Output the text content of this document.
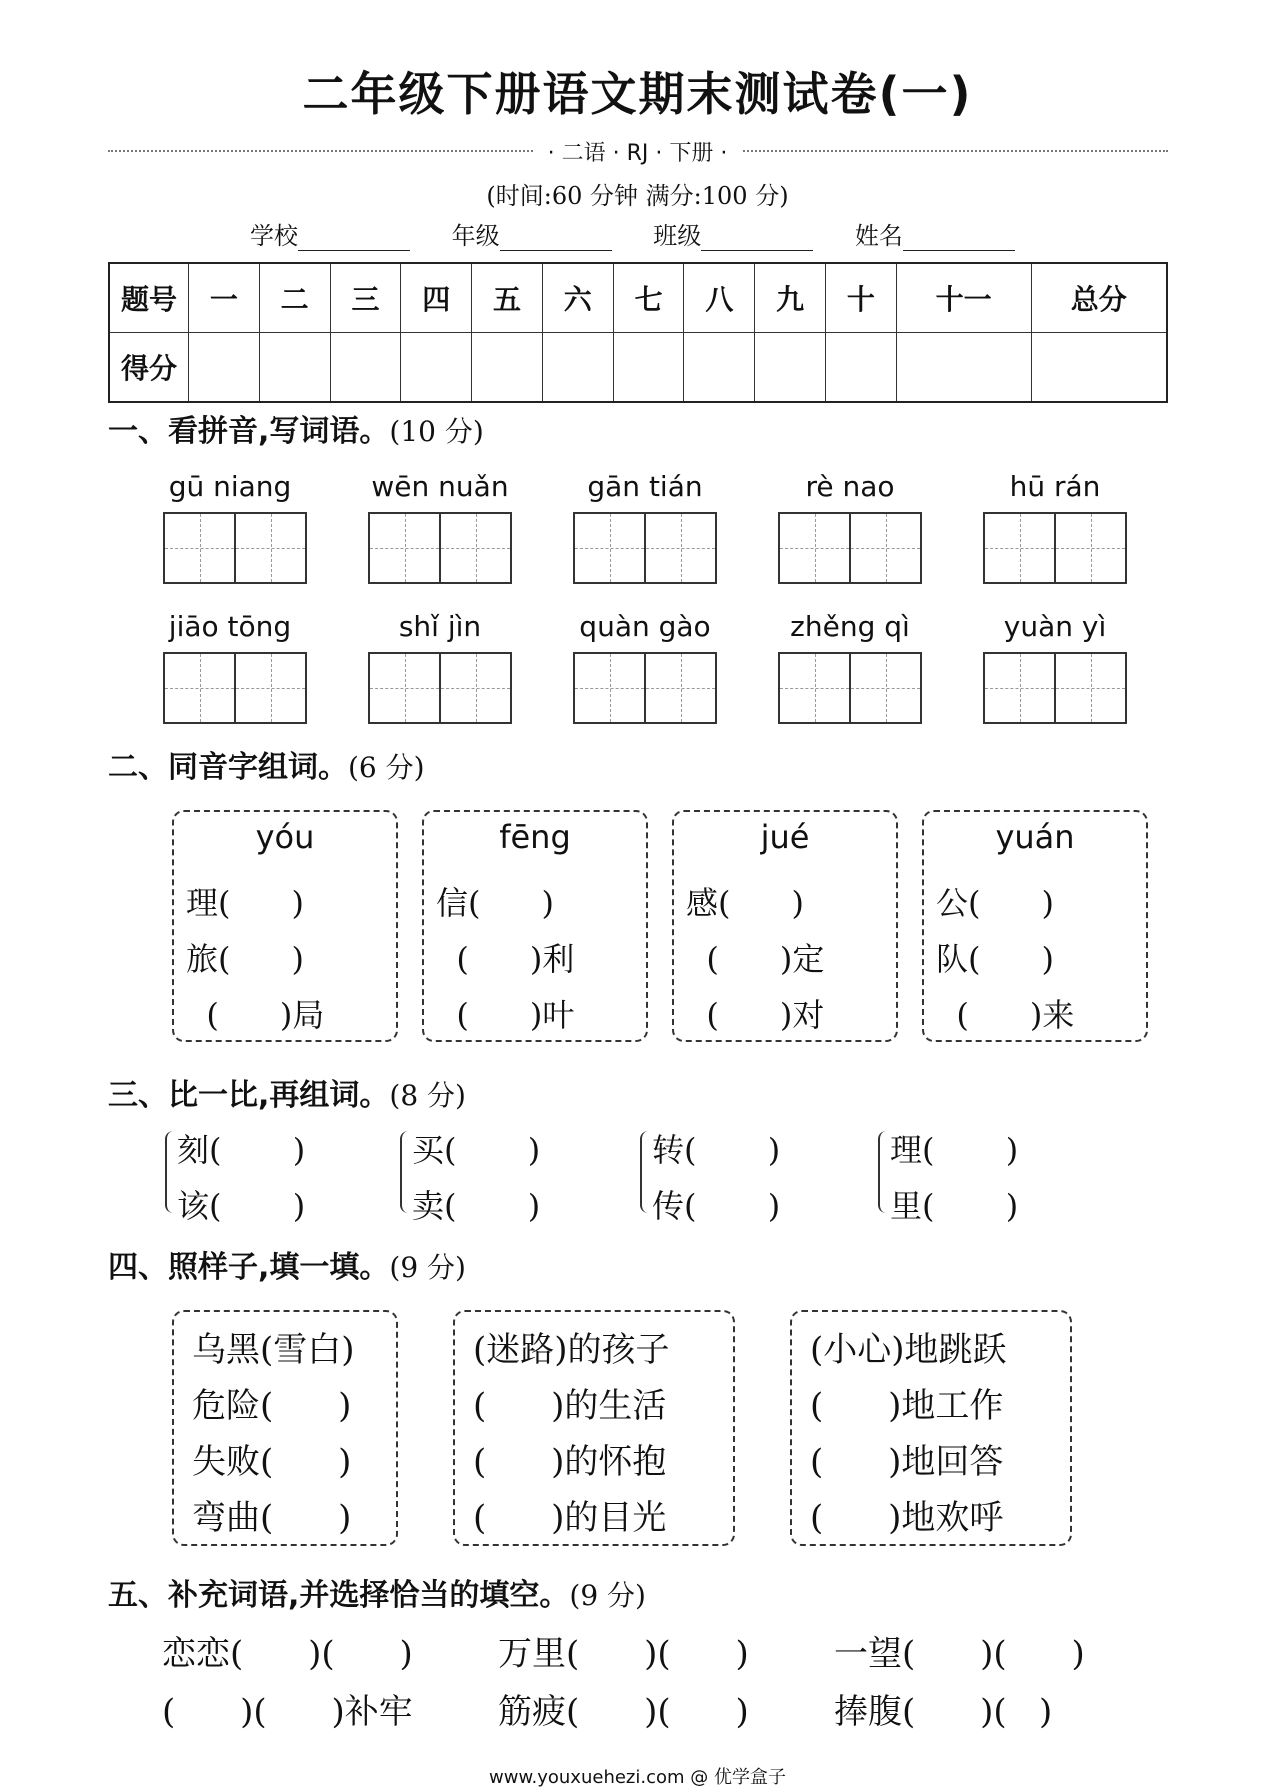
二年级下册语文期末测试卷(一)
· 二语 · RJ · 下册 ·
(时间:60 分钟 满分:100 分)
学校	年级	班级	姓名
题号	一	二	三	四	五	六	七	八	九	十	十一	总分
得分												
一、看拼音,写词语。(10 分)
gū niang	wēn nuǎn	gān tián	rè nao	hū rán
jiāo tōng	shǐ jìn	quàn gào	zhěng qì	yuàn yì
二、同音字组词。(6 分)
yóu
理(      )
旅(      )
(      )局
fēng
信(      )
(      )利
(      )叶
jué
感(      )
(      )定
(      )对
yuán
公(      )
队(      )
(      )来
三、比一比,再组词。(8 分)
刻(       )
该(       )
买(       )
卖(       )
转(       )
传(       )
理(       )
里(       )
四、照样子,填一填。(9 分)
乌黑(雪白)
危险(      )
失败(      )
弯曲(      )
(迷路)的孩子
(      )的生活
(      )的怀抱
(      )的目光
(小心)地跳跃
(      )地工作
(      )地回答
(      )地欢呼
五、补充词语,并选择恰当的填空。(9 分)
恋恋(      )(      )	万里(      )(      )	一望(      )(      )
(      )(      )补牢	筋疲(      )(      )	捧腹(      )(   )
www.youxuehezi.com @ 优学盒子
